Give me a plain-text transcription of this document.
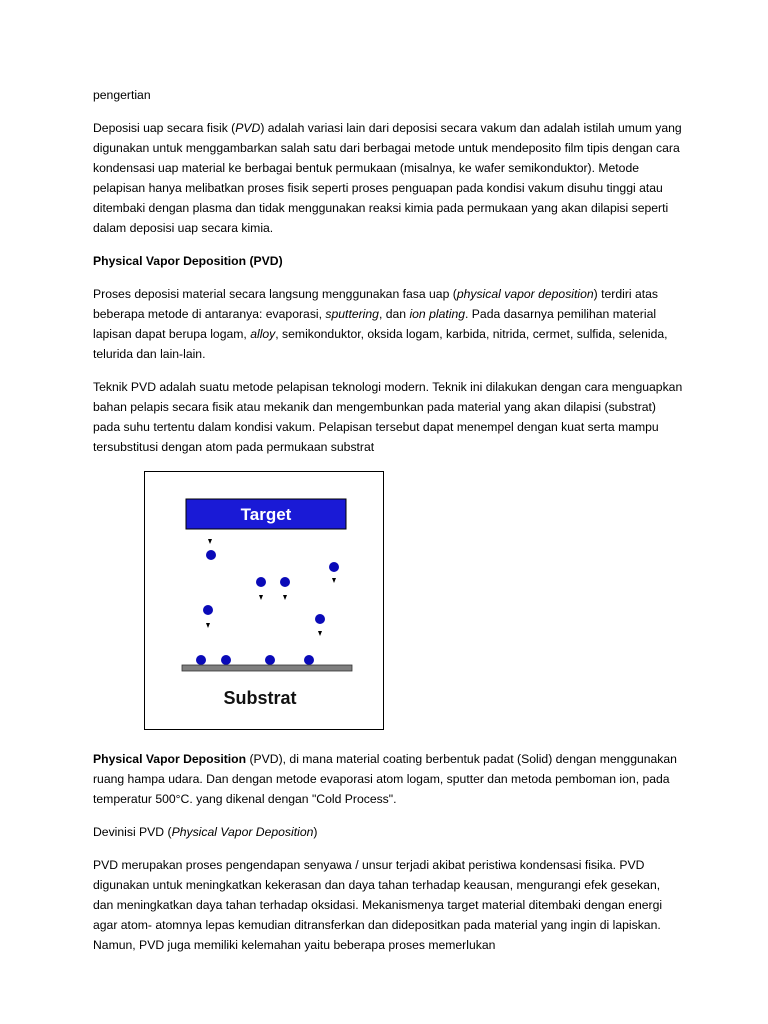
pengertian

Deposisi uap secara fisik (PVD) adalah variasi lain dari deposisi secara vakum dan adalah istilah umum yang digunakan untuk menggambarkan salah satu dari berbagai metode untuk mendeposito film tipis dengan cara kondensasi uap material ke berbagai bentuk permukaan (misalnya, ke wafer semikonduktor). Metode pelapisan hanya melibatkan proses fisik seperti proses penguapan pada kondisi vakum disuhu tinggi atau ditembaki dengan plasma dan tidak menggunakan reaksi kimia pada permukaan yang akan dilapisi seperti dalam deposisi uap secara kimia.

Physical Vapor Deposition (PVD)

Proses deposisi material secara langsung menggunakan fasa uap (physical vapor deposition) terdiri atas beberapa metode di antaranya: evaporasi, sputtering, dan ion plating. Pada dasarnya pemilihan material lapisan dapat berupa logam, alloy, semikonduktor, oksida logam, karbida, nitrida, cermet, sulfida, selenida, telurida dan lain-lain.

Teknik PVD adalah suatu metode pelapisan teknologi modern. Teknik ini dilakukan dengan cara menguapkan bahan pelapis secara fisik atau mekanik dan mengembunkan pada material yang akan dilapisi (substrat) pada suhu tertentu dalam kondisi vakum. Pelapisan tersebut dapat menempel dengan kuat serta mampu tersubstitusi dengan atom pada permukaan substrat

Target
Substrat

Physical Vapor Deposition (PVD), di mana material coating berbentuk padat (Solid) dengan menggunakan ruang hampa udara. Dan dengan metode evaporasi atom logam, sputter dan metoda pemboman ion, pada temperatur 500°C. yang dikenal dengan "Cold Process".

Devinisi PVD (Physical Vapor Deposition)

PVD merupakan proses pengendapan senyawa / unsur terjadi akibat peristiwa kondensasi fisika. PVD digunakan untuk meningkatkan kekerasan dan daya tahan terhadap keausan, mengurangi efek gesekan, dan meningkatkan daya tahan terhadap oksidasi. Mekanismenya target material ditembaki dengan energi agar atom- atomnya lepas kemudian ditransferkan dan didepositkan pada material yang ingin di lapiskan. Namun, PVD juga memiliki kelemahan yaitu beberapa proses memerlukan
